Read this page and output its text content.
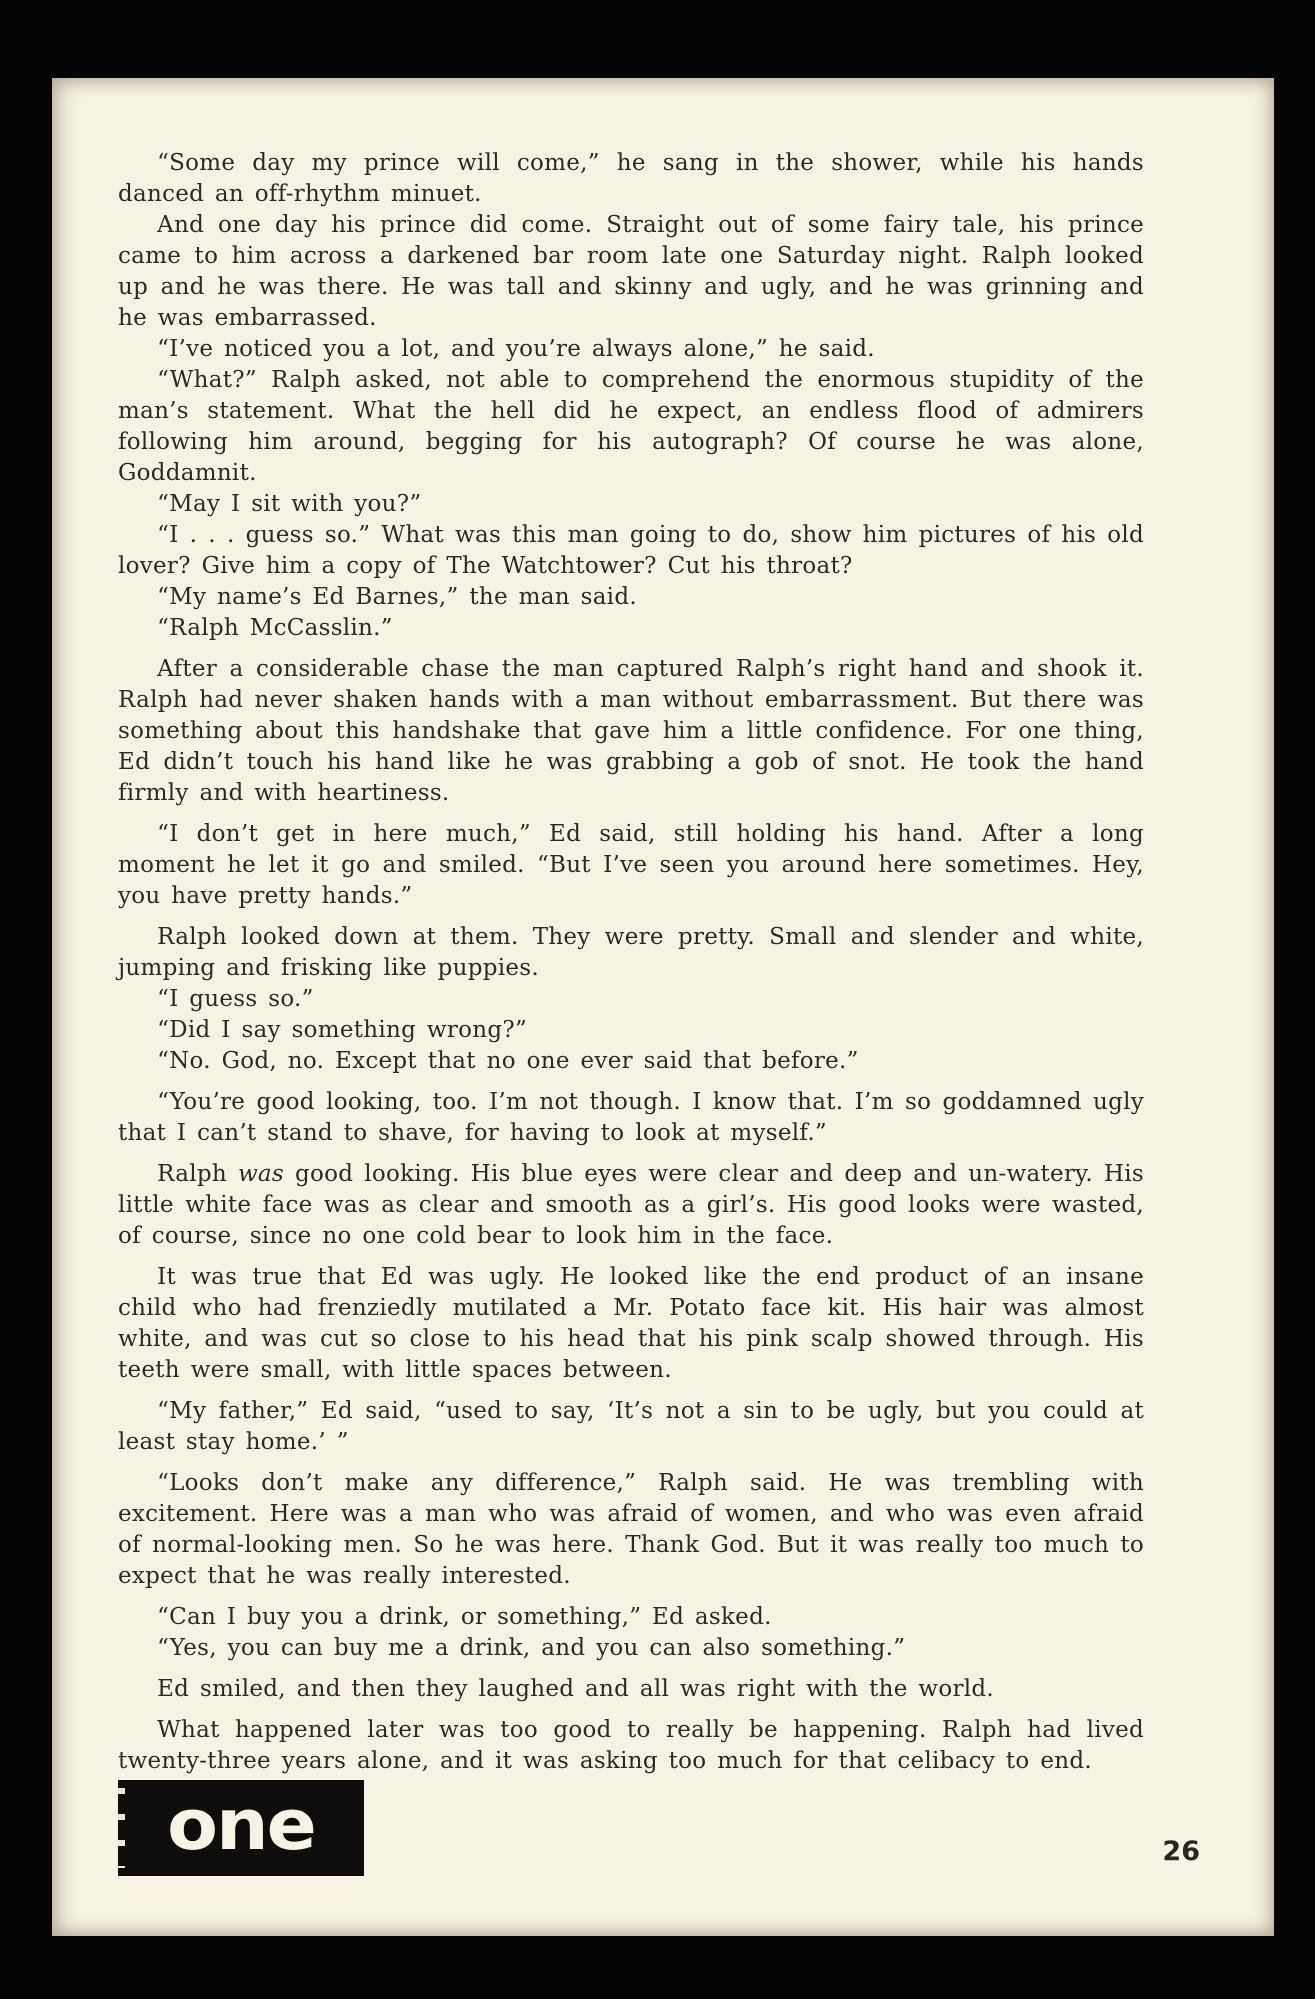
“Some day my prince will come,” he sang in the shower, while his hands danced an off-rhythm minuet.

And one day his prince did come. Straight out of some fairy tale, his prince came to him across a darkened bar room late one Saturday night. Ralph looked up and he was there. He was tall and skinny and ugly, and he was grinning and he was embarrassed.

“I’ve noticed you a lot, and you’re always alone,” he said.

“What?” Ralph asked, not able to comprehend the enormous stupidity of the man’s statement. What the hell did he expect, an endless flood of admirers following him around, begging for his autograph? Of course he was alone, Goddamnit.

“May I sit with you?”

“I . . . guess so.” What was this man going to do, show him pictures of his old lover? Give him a copy of The Watchtower? Cut his throat?

“My name’s Ed Barnes,” the man said.

“Ralph McCasslin.”

After a considerable chase the man captured Ralph’s right hand and shook it. Ralph had never shaken hands with a man without embarrassment. But there was something about this handshake that gave him a little confidence. For one thing, Ed didn’t touch his hand like he was grabbing a gob of snot. He took the hand firmly and with heartiness.

“I don’t get in here much,” Ed said, still holding his hand. After a long moment he let it go and smiled. “But I’ve seen you around here sometimes. Hey, you have pretty hands.”

Ralph looked down at them. They were pretty. Small and slender and white, jumping and frisking like puppies.

“I guess so.”

“Did I say something wrong?”

“No. God, no. Except that no one ever said that before.”

“You’re good looking, too. I’m not though. I know that. I’m so goddamned ugly that I can’t stand to shave, for having to look at myself.”

Ralph was good looking. His blue eyes were clear and deep and un-watery. His little white face was as clear and smooth as a girl’s. His good looks were wasted, of course, since no one cold bear to look him in the face.

It was true that Ed was ugly. He looked like the end product of an insane child who had frenziedly mutilated a Mr. Potato face kit. His hair was almost white, and was cut so close to his head that his pink scalp showed through. His teeth were small, with little spaces between.

“My father,” Ed said, “used to say, ‘It’s not a sin to be ugly, but you could at least stay home.’ ”

“Looks don’t make any difference,” Ralph said. He was trembling with excitement. Here was a man who was afraid of women, and who was even afraid of normal-looking men. So he was here. Thank God. But it was really too much to expect that he was really interested.

“Can I buy you a drink, or something,” Ed asked.

“Yes, you can buy me a drink, and you can also something.”

Ed smiled, and then they laughed and all was right with the world.

What happened later was too good to really be happening. Ralph had lived twenty-three years alone, and it was asking too much for that celibacy to end.

one	26
